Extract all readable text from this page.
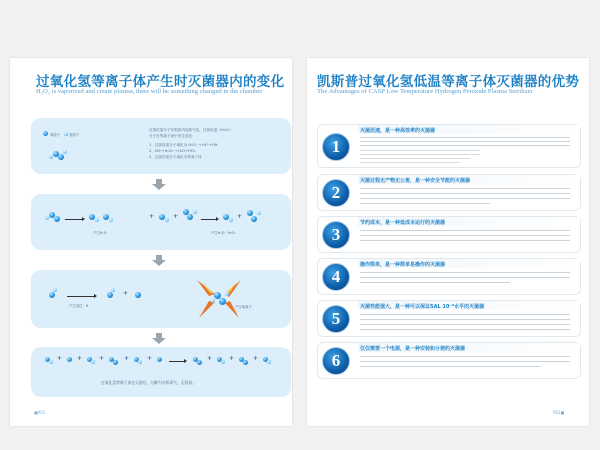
过氧化氢等离子体产生时灭菌器内的变化
H₂O₂ is vaporized and create plasma, there will be something changed in the chamber
氧原子	氢原子
过氧化氢分子在腔体内加热气化，过氧化氢（H₂O₂）
分子在等离子场中发生变化：
1、过氧化氢分子离化为 H₂O₂ → HO·+OH·
2、HO·+H₂O₂ → H₂O+HO₂·
3、过氧化氢分子离化为等离子体
产生H₂O
+	+ →	+
产生H₂O · H₂O₂
+
产生活性 · H	产生氧离子
+ +	+	+	+ →	+	+	+
过氧化氢等离子体在灭菌后，分解为水和氧气，无残留。
■P01
凯斯普过氧化氢低温等离子体灭菌器的优势
The Advantages of CASP Low Temperature Hydrogen Peroxide Plasma Sterilizer
1
灭菌迅速，是一种高效率的灭菌器
2
灭菌过程无产物无公害，是一种安全节能的灭菌器
3
节约成本，是一种低成本运行的灭菌器
4
操作简单，是一种简单易操作的灭菌器
5
灭菌性能强大，是一种可以保证SAL 10⁻⁶水平的灭菌器
6
仅仅需要一个电源，是一种安装和分便的灭菌器
P02■
